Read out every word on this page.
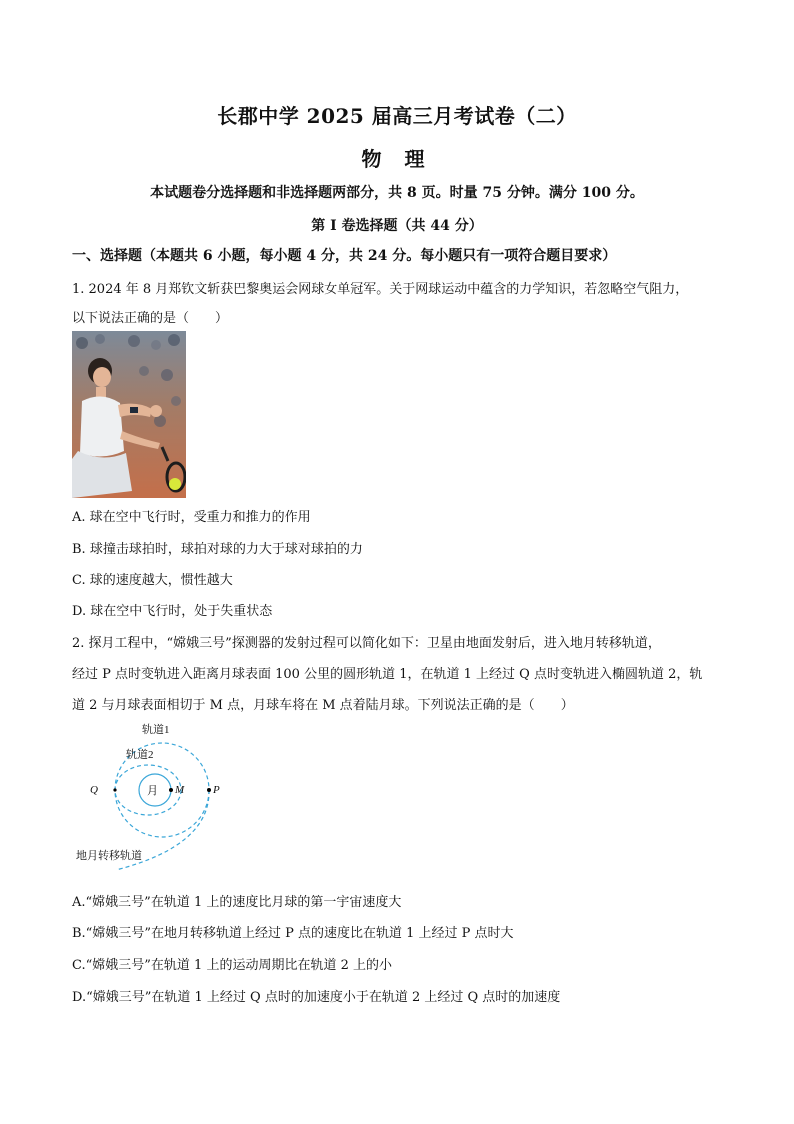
长郡中学 2025 届高三月考试卷（二）
物 理
本试题卷分选择题和非选择题两部分，共 8 页。时量 75 分钟。满分 100 分。
第 I 卷选择题（共 44 分）
一、选择题（本题共 6 小题，每小题 4 分，共 24 分。每小题只有一项符合题目要求）
1. 2024 年 8 月郑钦文斩获巴黎奥运会网球女单冠军。关于网球运动中蕴含的力学知识，若忽略空气阻力，
以下说法正确的是（　　）
A. 球在空中飞行时，受重力和推力的作用
B. 球撞击球拍时，球拍对球的力大于球对球拍的力
C. 球的速度越大，惯性越大
D. 球在空中飞行时，处于失重状态
2. 探月工程中，“嫦娥三号”探测器的发射过程可以简化如下：卫星由地面发射后，进入地月转移轨道，
经过 P 点时变轨进入距离月球表面 100 公里的圆形轨道 1，在轨道 1 上经过 Q 点时变轨进入椭圆轨道 2，轨
道 2 与月球表面相切于 M 点，月球车将在 M 点着陆月球。下列说法正确的是（　　）
轨道1
轨道2
月 M	P
Q
地月转移轨道
A.“嫦娥三号”在轨道 1 上的速度比月球的第一宇宙速度大
B.“嫦娥三号”在地月转移轨道上经过 P 点的速度比在轨道 1 上经过 P 点时大
C.“嫦娥三号”在轨道 1 上的运动周期比在轨道 2 上的小
D.“嫦娥三号”在轨道 1 上经过 Q 点时的加速度小于在轨道 2 上经过 Q 点时的加速度
